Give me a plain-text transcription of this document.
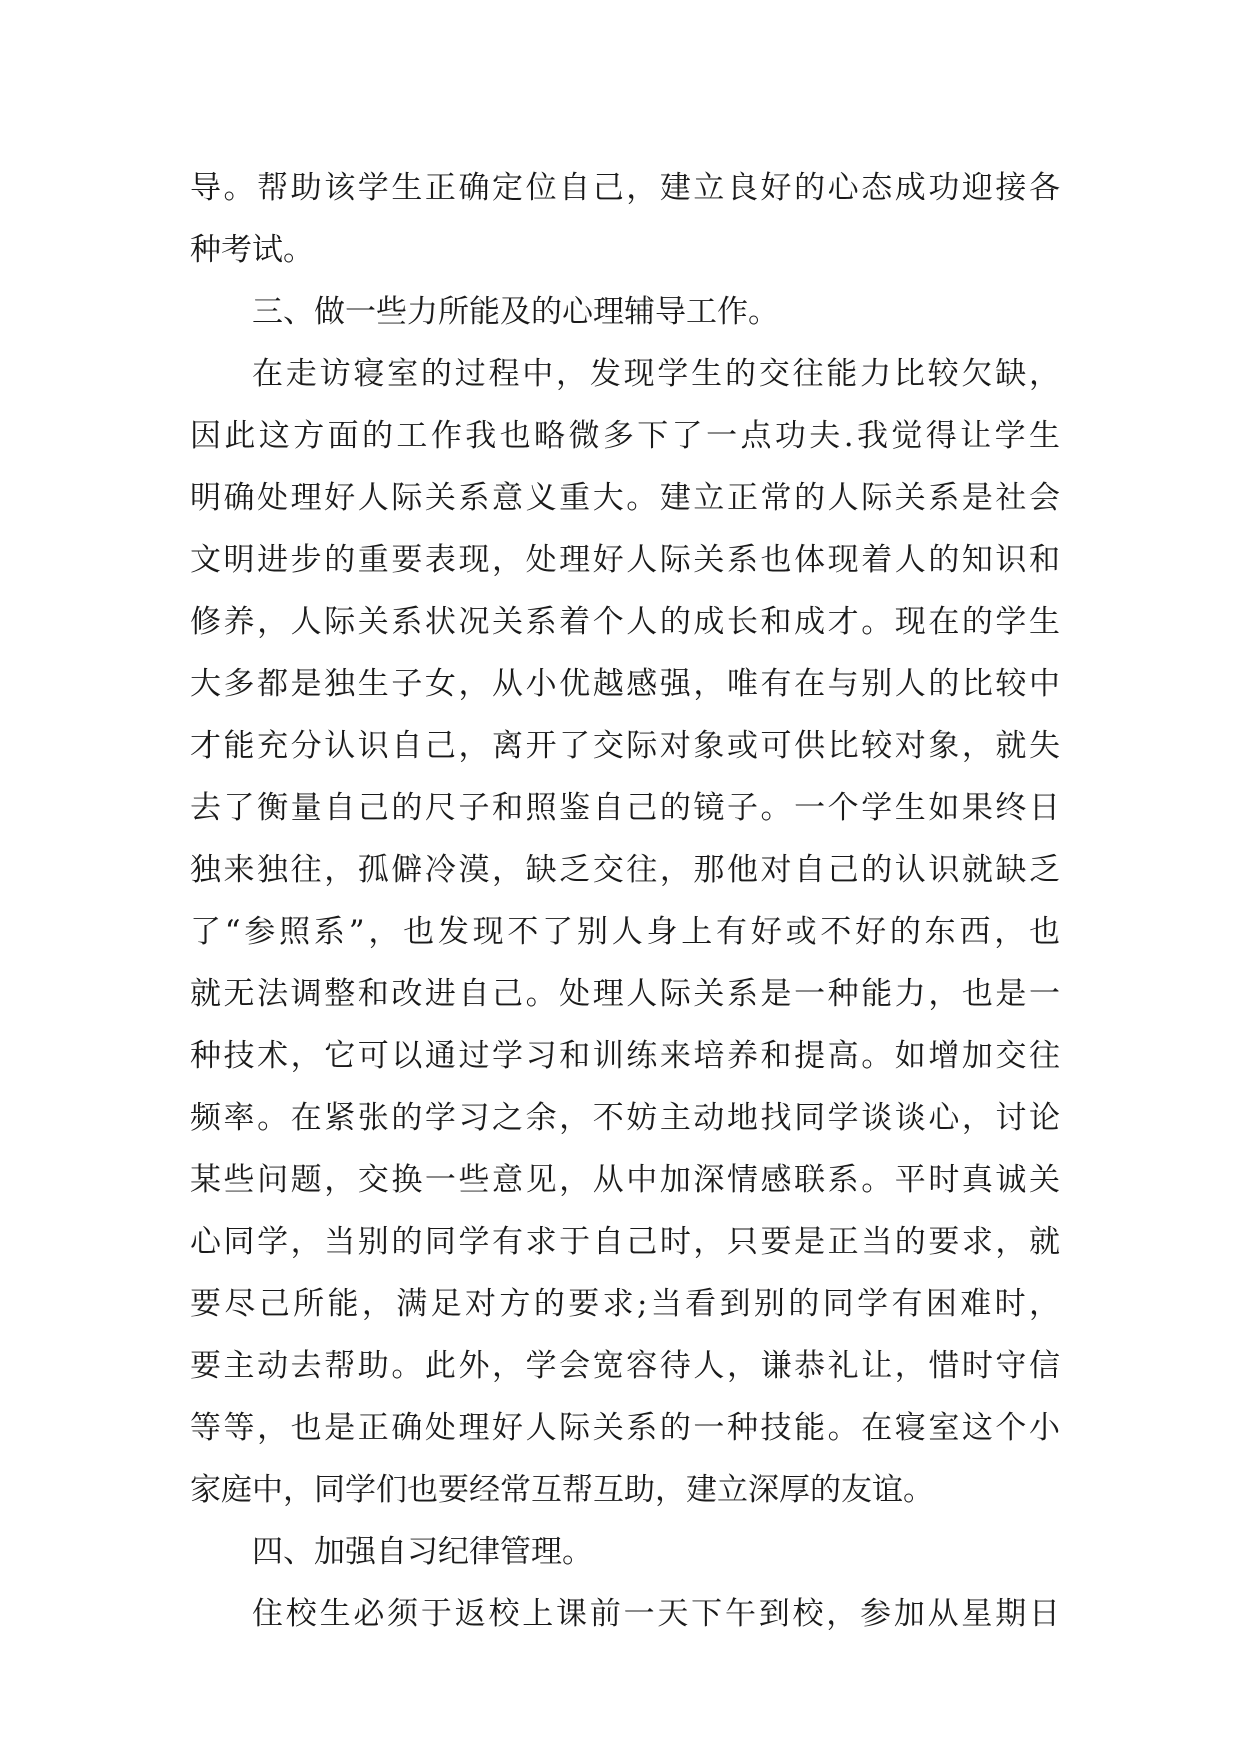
导。帮助该学生正确定位自己，建立良好的心态成功迎接各
种考试。
三、做一些力所能及的心理辅导工作。
在走访寝室的过程中，发现学生的交往能力比较欠缺，
因此这方面的工作我也略微多下了一点功夫.我觉得让学生
明确处理好人际关系意义重大。建立正常的人际关系是社会
文明进步的重要表现，处理好人际关系也体现着人的知识和
修养，人际关系状况关系着个人的成长和成才。现在的学生
大多都是独生子女，从小优越感强，唯有在与别人的比较中
才能充分认识自己，离开了交际对象或可供比较对象，就失
去了衡量自己的尺子和照鉴自己的镜子。一个学生如果终日
独来独往，孤僻冷漠，缺乏交往，那他对自己的认识就缺乏
了“参照系”，也发现不了别人身上有好或不好的东西，也
就无法调整和改进自己。处理人际关系是一种能力，也是一
种技术，它可以通过学习和训练来培养和提高。如增加交往
频率。在紧张的学习之余，不妨主动地找同学谈谈心，讨论
某些问题，交换一些意见，从中加深情感联系。平时真诚关
心同学，当别的同学有求于自己时，只要是正当的要求，就
要尽己所能，满足对方的要求;当看到别的同学有困难时，
要主动去帮助。此外，学会宽容待人，谦恭礼让，惜时守信
等等，也是正确处理好人际关系的一种技能。在寝室这个小
家庭中，同学们也要经常互帮互助，建立深厚的友谊。
四、加强自习纪律管理。
住校生必须于返校上课前一天下午到校，参加从星期日
